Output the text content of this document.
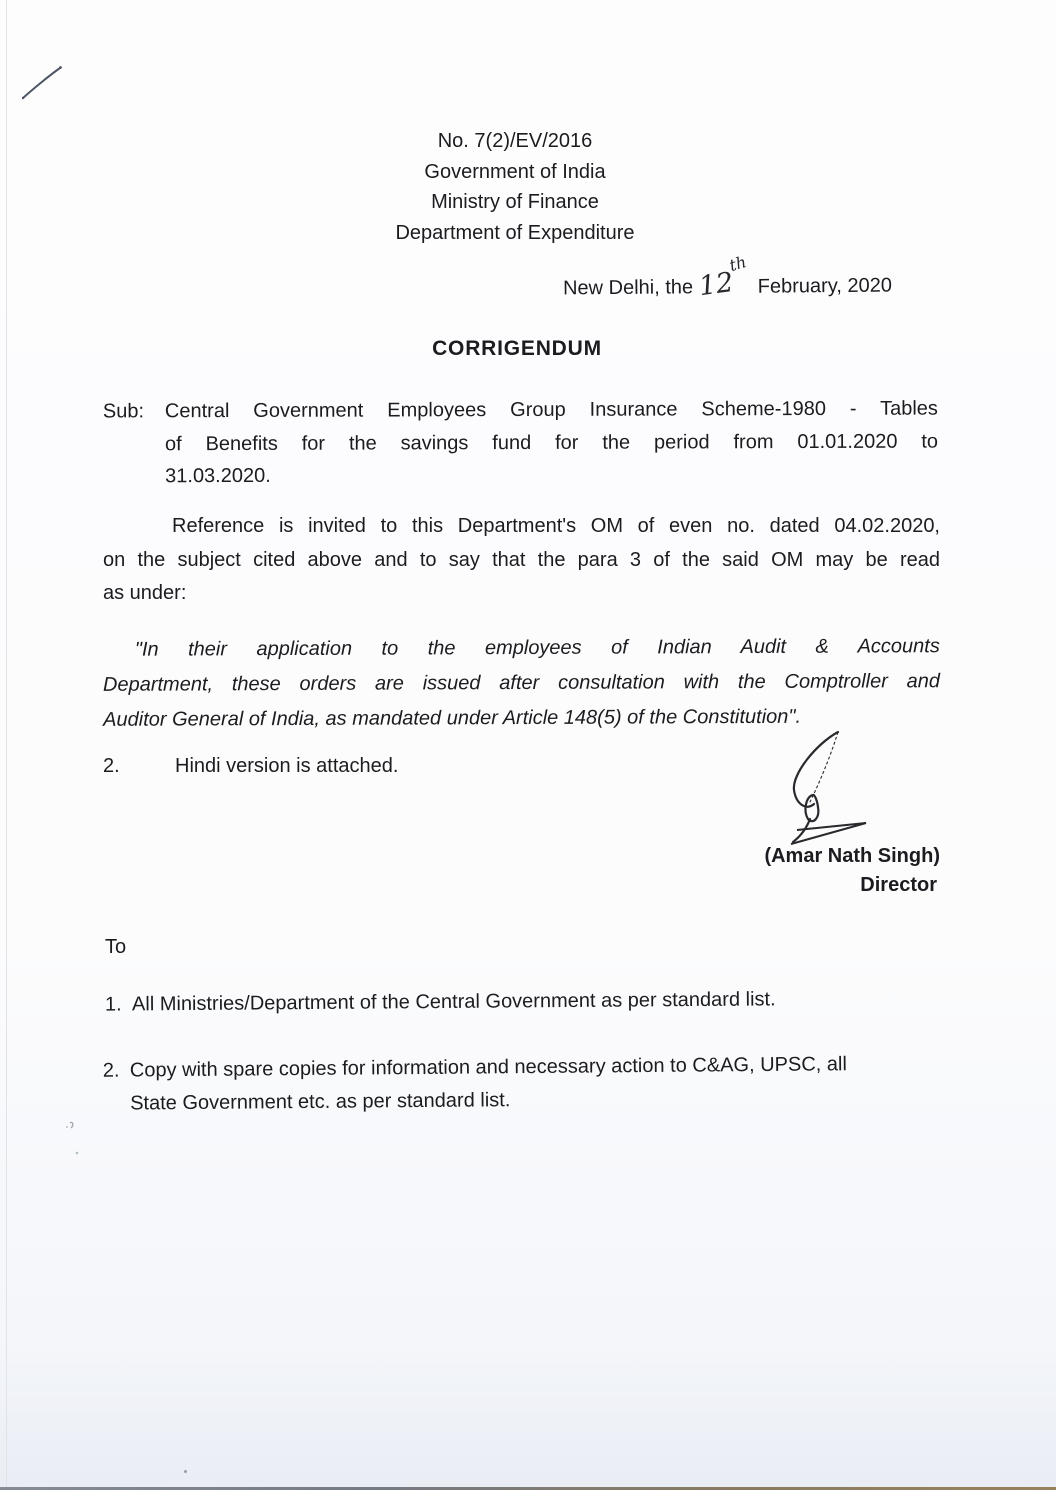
No. 7(2)/EV/2016
Government of India
Ministry of Finance
Department of Expenditure
New Delhi, the 12th February, 2020
CORRIGENDUM
Sub: Central Government Employees Group Insurance Scheme-1980 - Tables
of Benefits for the savings fund for the period from 01.01.2020 to
31.03.2020.
Reference is invited to this Department's OM of even no. dated 04.02.2020,
on the subject cited above and to say that the para 3 of the said OM may be read
as under:
"In their application to the employees of Indian Audit & Accounts
Department, these orders are issued after consultation with the Comptroller and
Auditor General of India, as mandated under Article 148(5) of the Constitution".
2.	Hindi version is attached.
(Amar Nath Singh)
Director
To
1. All Ministries/Department of the Central Government as per standard list.
2. Copy with spare copies for information and necessary action to C&AG, UPSC, all
State Government etc. as per standard list.
